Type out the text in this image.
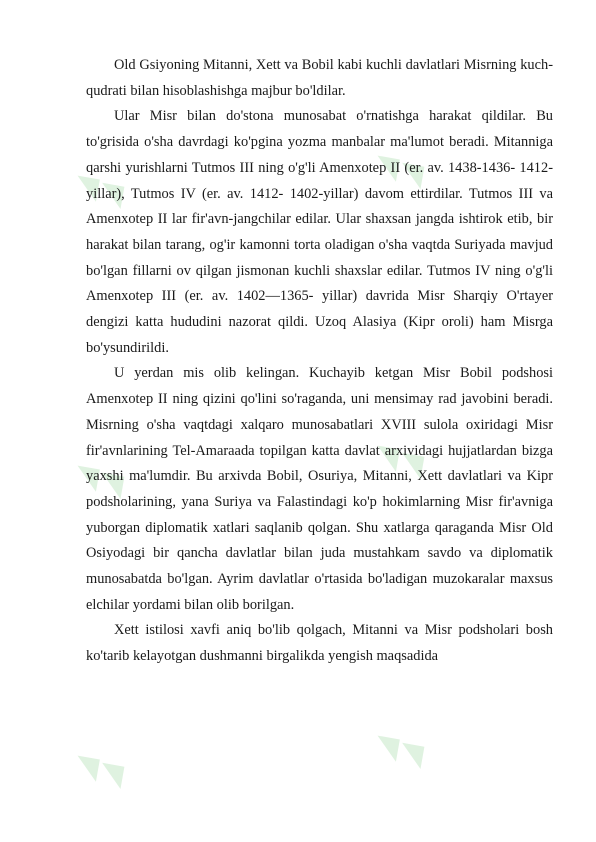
Old Gsiyoning Mitanni, Xett va Bobil kabi kuchli davlatlari Misrning kuch-qudrati bilan hisoblashishga majbur bo'ldilar.

Ular Misr bilan do'stona munosabat o'rnatishga harakat qildilar. Bu to'grisida o'sha davrdagi ko'pgina yozma manbalar ma'lumot beradi. Mitanniga qarshi yurishlarni Tutmos III ning o'g'li Amenxotep II (er. av. 1438-1436- 1412-yillar), Tutmos IV (er. av. 1412- 1402-yillar) davom ettirdilar. Tutmos III va Amenxotep II lar fir'avn-jangchilar edilar. Ular shaxsan jangda ishtirok etib, bir harakat bilan tarang, og'ir kamonni torta oladigan o'sha vaqtda Suriyada mavjud bo'lgan fillarni ov qilgan jismonan kuchli shaxslar edilar. Tutmos IV ning o'g'li Amenxotep III (er. av. 1402—1365- yillar) davrida Misr Sharqiy O'rtayer dengizi katta hududini nazorat qildi. Uzoq Alasiya (Kipr oroli) ham Misrga bo'ysundirildi.

U yerdan mis olib kelingan. Kuchayib ketgan Misr Bobil podshosi Amenxotep II ning qizini qo'lini so'raganda, uni mensimay rad javobini beradi. Misrning o'sha vaqtdagi xalqaro munosabatlari XVIII sulola oxiridagi Misr fir'avnlarining Tel-Amaraada topilgan katta davlat arxividagi hujjatlardan bizga yaxshi ma'lumdir. Bu arxivda Bobil, Osuriya, Mitanni, Xett davlatlari va Kipr podsholarining, yana Suriya va Falastindagi ko'p hokimlarning Misr fir'avniga yuborgan diplomatik xatlari saqlanib qolgan. Shu xatlarga qaraganda Misr Old Osiyodagi bir qancha davlatlar bilan juda mustahkam savdo va diplomatik munosabatda bo'lgan. Ayrim davlatlar o'rtasida bo'ladigan muzokaralar maxsus elchilar yordami bilan olib borilgan.

Xett istilosi xavfi aniq bo'lib qolgach, Mitanni va Misr podsholari bosh ko'tarib kelayotgan dushmanni birgalikda yengish maqsadida
